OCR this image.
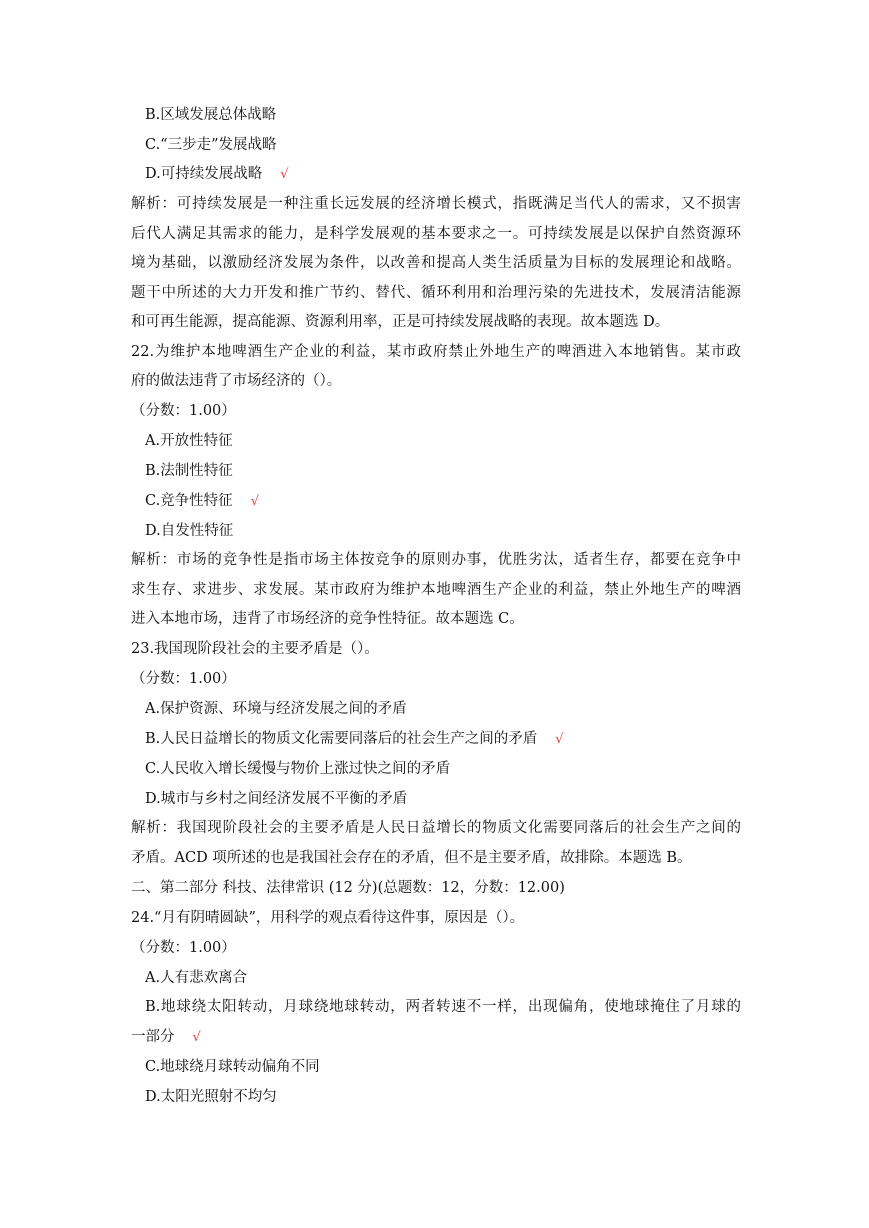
B.区域发展总体战略
C.“三步走”发展战略
D.可持续发展战略 √
解析：可持续发展是一种注重长远发展的经济增长模式，指既满足当代人的需求，又不损害
后代人满足其需求的能力，是科学发展观的基本要求之一。可持续发展是以保护自然资源环
境为基础，以激励经济发展为条件，以改善和提高人类生活质量为目标的发展理论和战略。
题干中所述的大力开发和推广节约、替代、循环利用和治理污染的先进技术，发展清洁能源
和可再生能源，提高能源、资源利用率，正是可持续发展战略的表现。故本题选 D。
22.为维护本地啤酒生产企业的利益，某市政府禁止外地生产的啤酒进入本地销售。某市政
府的做法违背了市场经济的（）。
（分数：1.00）
A.开放性特征
B.法制性特征
C.竞争性特征 √
D.自发性特征
解析：市场的竞争性是指市场主体按竞争的原则办事，优胜劣汰，适者生存，都要在竞争中
求生存、求进步、求发展。某市政府为维护本地啤酒生产企业的利益，禁止外地生产的啤酒
进入本地市场，违背了市场经济的竞争性特征。故本题选 C。
23.我国现阶段社会的主要矛盾是（）。
（分数：1.00）
A.保护资源、环境与经济发展之间的矛盾
B.人民日益增长的物质文化需要同落后的社会生产之间的矛盾 √
C.人民收入增长缓慢与物价上涨过快之间的矛盾
D.城市与乡村之间经济发展不平衡的矛盾
解析：我国现阶段社会的主要矛盾是人民日益增长的物质文化需要同落后的社会生产之间的
矛盾。ACD 项所述的也是我国社会存在的矛盾，但不是主要矛盾，故排除。本题选 B。
二、第二部分 科技、法律常识 (12 分)(总题数：12，分数：12.00)
24.“月有阴晴圆缺”，用科学的观点看待这件事，原因是（）。
（分数：1.00）
A.人有悲欢离合
B.地球绕太阳转动，月球绕地球转动，两者转速不一样，出现偏角，使地球掩住了月球的
一部分 √
C.地球绕月球转动偏角不同
D.太阳光照射不均匀
